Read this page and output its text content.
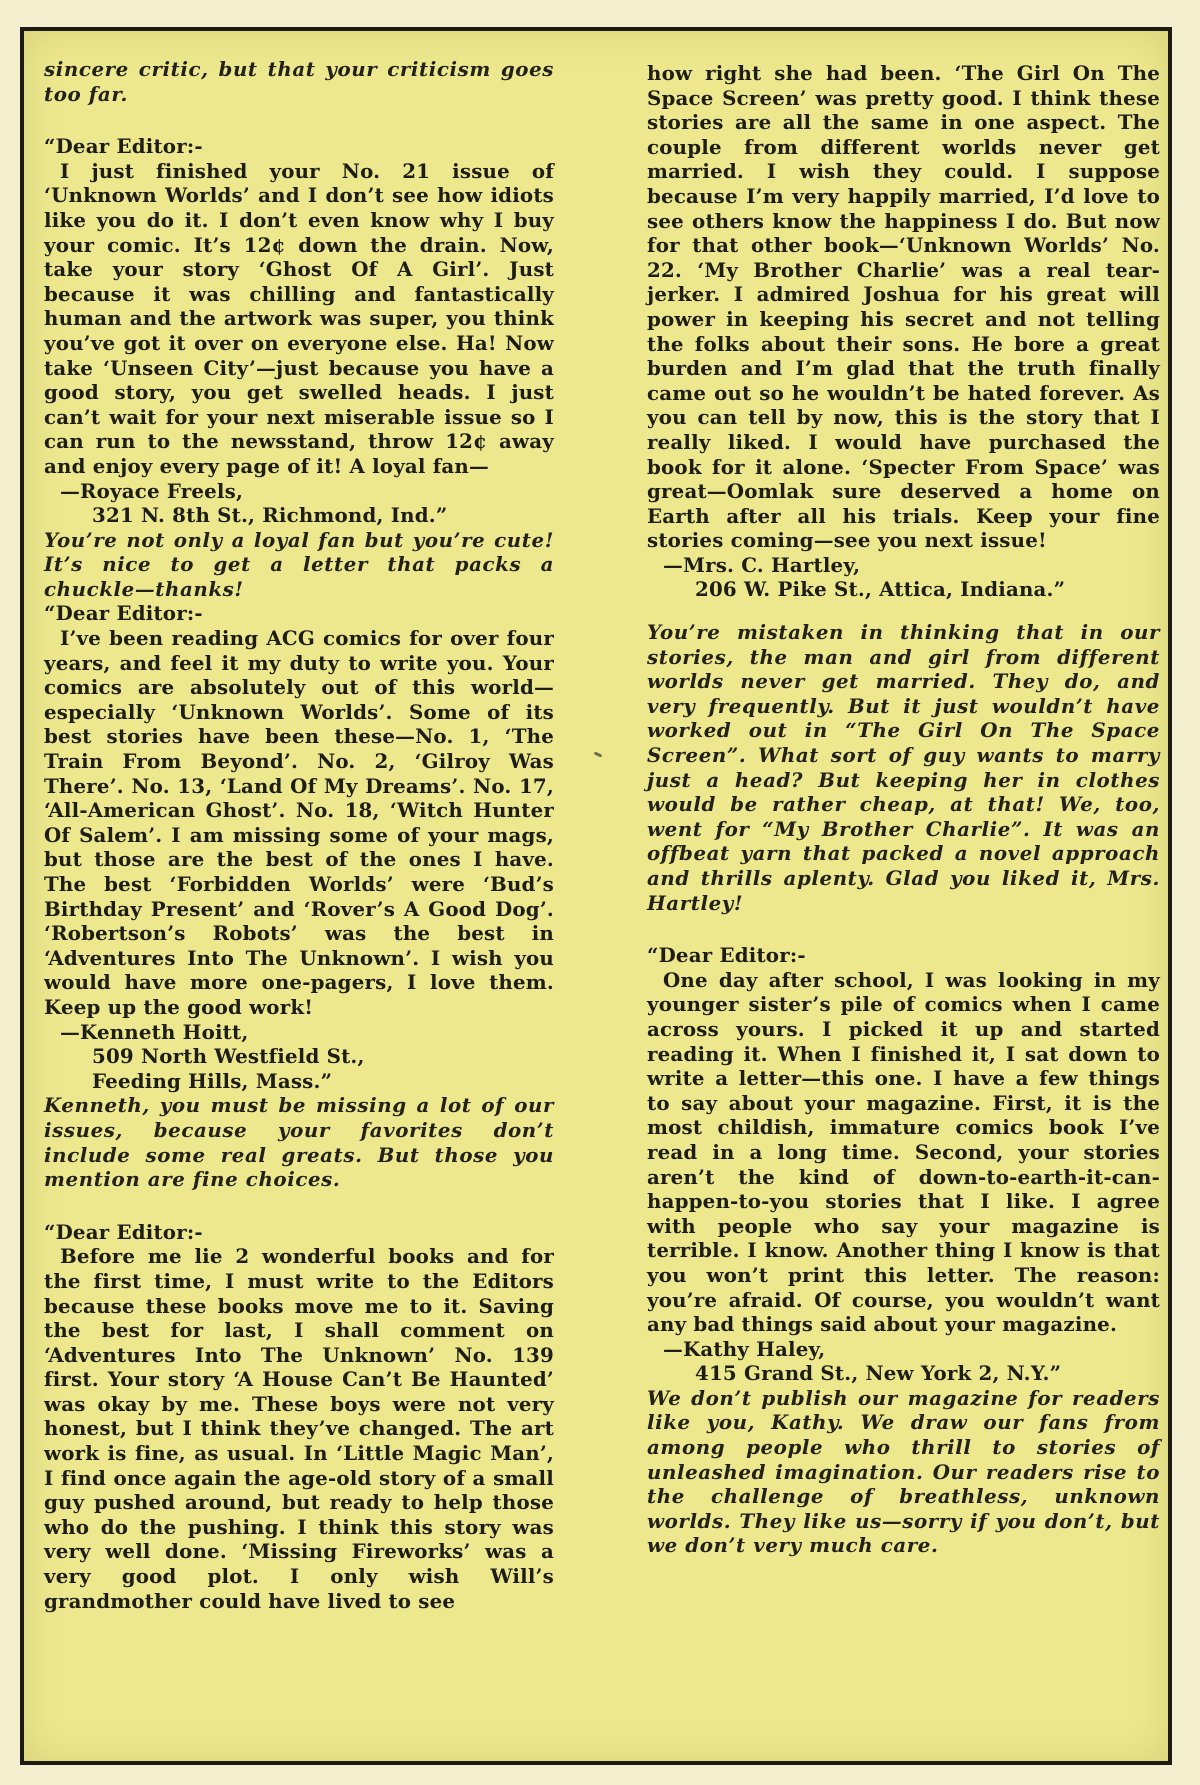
sincere critic, but that your criticism goes too far.

“Dear Editor:-

I just finished your No. 21 issue of ‘Unknown Worlds’ and I don’t see how idiots like you do it. I don’t even know why I buy your comic. It’s 12¢ down the drain. Now, take your story ‘Ghost Of A Girl’. Just because it was chilling and fantastically human and the artwork was super, you think you’ve got it over on everyone else. Ha! Now take ‘Unseen City’—just because you have a good story, you get swelled heads. I just can’t wait for your next miserable issue so I can run to the newsstand, throw 12¢ away and enjoy every page of it! A loyal fan—

—Royace Freels,

321 N. 8th St., Richmond, Ind.”

You’re not only a loyal fan but you’re cute! It’s nice to get a letter that packs a chuckle—thanks!

“Dear Editor:-

I’ve been reading ACG comics for over four years, and feel it my duty to write you. Your comics are absolutely out of this world—especially ‘Unknown Worlds’. Some of its best stories have been these—No. 1, ‘The Train From Beyond’. No. 2, ‘Gilroy Was There’. No. 13, ‘Land Of My Dreams’. No. 17, ‘All-American Ghost’. No. 18, ‘Witch Hunter Of Salem’. I am missing some of your mags, but those are the best of the ones I have. The best ‘Forbidden Worlds’ were ‘Bud’s Birthday Present’ and ‘Rover’s A Good Dog’. ‘Robertson’s Robots’ was the best in ‘Adventures Into The Unknown’. I wish you would have more one-pagers, I love them. Keep up the good work!

—Kenneth Hoitt,

509 North Westfield St.,

Feeding Hills, Mass.”

Kenneth, you must be missing a lot of our issues, because your favorites don’t include some real greats. But those you mention are fine choices.

“Dear Editor:-

Before me lie 2 wonderful books and for the first time, I must write to the Editors because these books move me to it. Saving the best for last, I shall comment on ‘Adventures Into The Unknown’ No. 139 first. Your story ‘A House Can’t Be Haunted’ was okay by me. These boys were not very honest, but I think they’ve changed. The art work is fine, as usual. In ‘Little Magic Man’, I find once again the age-old story of a small guy pushed around, but ready to help those who do the pushing. I think this story was very well done. ‘Missing Fireworks’ was a very good plot. I only wish Will’s grandmother could have lived to see

how right she had been. ‘The Girl On The Space Screen’ was pretty good. I think these stories are all the same in one aspect. The couple from different worlds never get married. I wish they could. I suppose because I’m very happily married, I’d love to see others know the happiness I do. But now for that other book—‘Unknown Worlds’ No. 22. ‘My Brother Charlie’ was a real tear-jerker. I admired Joshua for his great will power in keeping his secret and not telling the folks about their sons. He bore a great burden and I’m glad that the truth finally came out so he wouldn’t be hated forever. As you can tell by now, this is the story that I really liked. I would have purchased the book for it alone. ‘Specter From Space’ was great—Oomlak sure deserved a home on Earth after all his trials. Keep your fine stories coming—see you next issue!

—Mrs. C. Hartley,

206 W. Pike St., Attica, Indiana.”

You’re mistaken in thinking that in our stories, the man and girl from different worlds never get married. They do, and very frequently. But it just wouldn’t have worked out in “The Girl On The Space Screen”. What sort of guy wants to marry just a head? But keeping her in clothes would be rather cheap, at that! We, too, went for “My Brother Charlie”. It was an offbeat yarn that packed a novel approach and thrills aplenty. Glad you liked it, Mrs. Hartley!

“Dear Editor:-

One day after school, I was looking in my younger sister’s pile of comics when I came across yours. I picked it up and started reading it. When I finished it, I sat down to write a letter—this one. I have a few things to say about your magazine. First, it is the most childish, immature comics book I’ve read in a long time. Second, your stories aren’t the kind of down-to-earth-it-can-happen-to-you stories that I like. I agree with people who say your magazine is terrible. I know. Another thing I know is that you won’t print this letter. The reason: you’re afraid. Of course, you wouldn’t want any bad things said about your magazine.

—Kathy Haley,

415 Grand St., New York 2, N.Y.”

We don’t publish our magazine for readers like you, Kathy. We draw our fans from among people who thrill to stories of unleashed imagination. Our readers rise to the challenge of breathless, unknown worlds. They like us—sorry if you don’t, but we don’t very much care.
